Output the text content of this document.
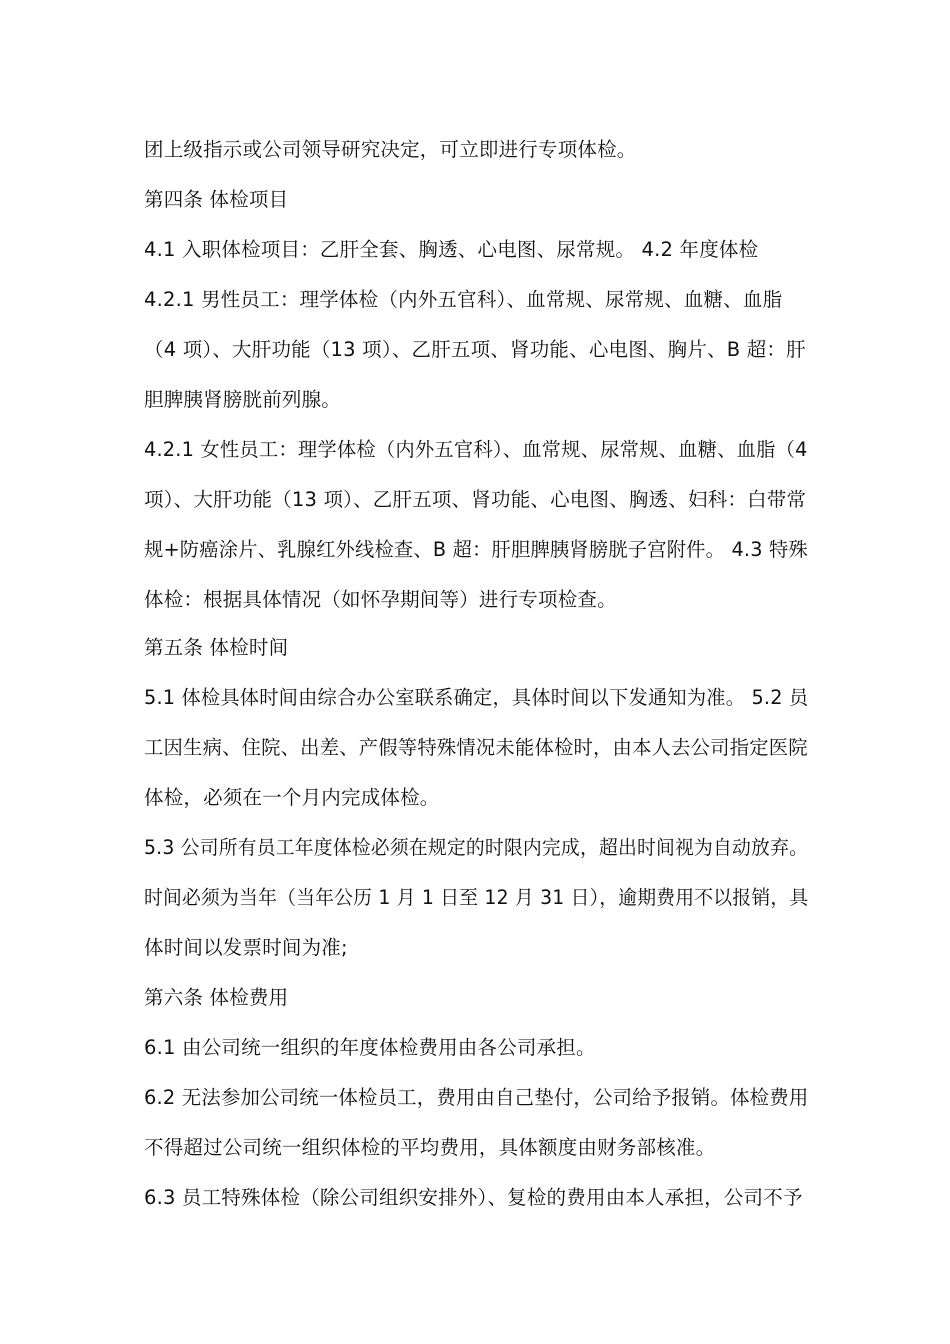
团上级指示或公司领导研究决定，可立即进行专项体检。
第四条 体检项目
4.1 入职体检项目：乙肝全套、胸透、心电图、尿常规。 4.2 年度体检
4.2.1 男性员工：理学体检（内外五官科）、血常规、尿常规、血糖、血脂
（4 项）、大肝功能（13 项）、乙肝五项、肾功能、心电图、胸片、B 超：肝
胆脾胰肾膀胱前列腺。
4.2.1 女性员工：理学体检（内外五官科）、血常规、尿常规、血糖、血脂（4
项）、大肝功能（13 项）、乙肝五项、肾功能、心电图、胸透、妇科：白带常
规+防癌涂片、乳腺红外线检查、B 超：肝胆脾胰肾膀胱子宫附件。 4.3 特殊
体检：根据具体情况（如怀孕期间等）进行专项检查。
第五条 体检时间
5.1 体检具体时间由综合办公室联系确定，具体时间以下发通知为准。 5.2 员
工因生病、住院、出差、产假等特殊情况未能体检时，由本人去公司指定医院
体检，必须在一个月内完成体检。
5.3 公司所有员工年度体检必须在规定的时限内完成，超出时间视为自动放弃。
时间必须为当年（当年公历 1 月 1 日至 12 月 31 日），逾期费用不以报销，具
体时间以发票时间为准;
第六条 体检费用
6.1 由公司统一组织的年度体检费用由各公司承担。
6.2 无法参加公司统一体检员工，费用由自己垫付，公司给予报销。体检费用
不得超过公司统一组织体检的平均费用，具体额度由财务部核准。
6.3 员工特殊体检（除公司组织安排外）、复检的费用由本人承担，公司不予
